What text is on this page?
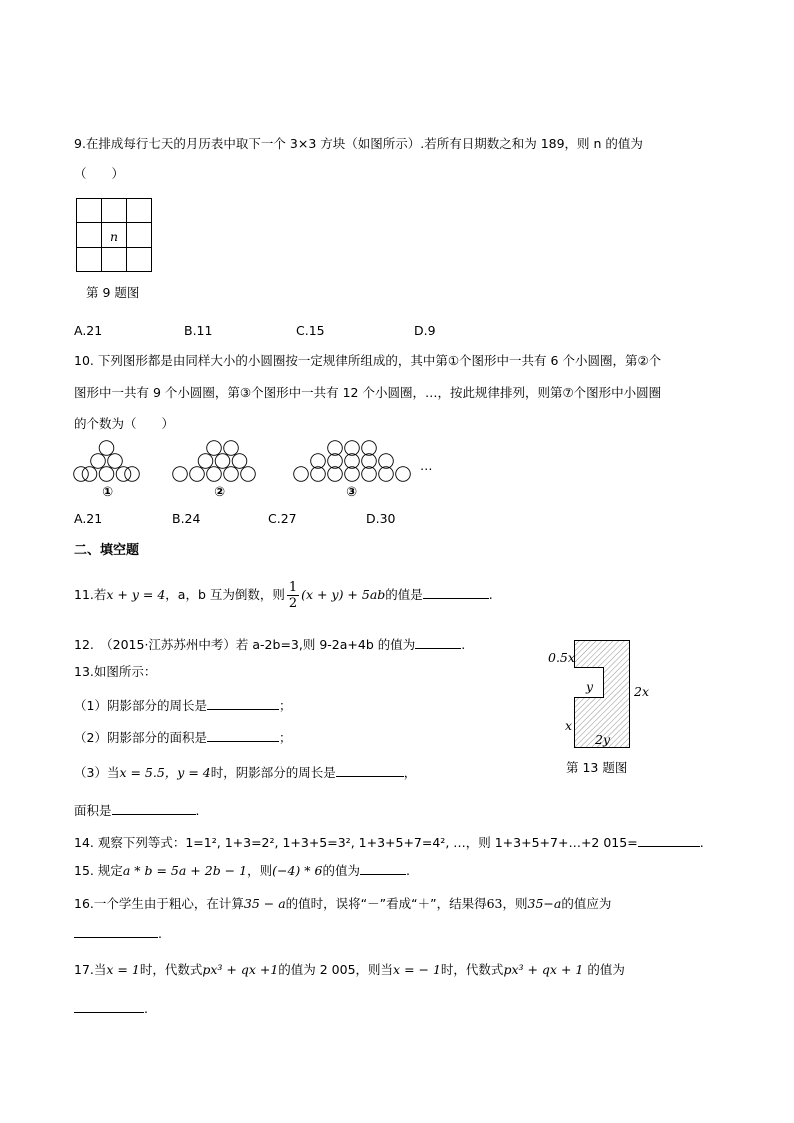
9.在排成每行七天的月历表中取下一个 3×3 方块（如图所示）.若所有日期数之和为 189，则 n 的值为
（　　）
n
第 9 题图
A.21	B.11	C.15	D.9
10. 下列图形都是由同样大小的小圆圈按一定规律所组成的，其中第①个图形中一共有 6 个小圆圈，第②个
图形中一共有 9 个小圆圈，第③个图形中一共有 12 个小圆圈，…，按此规律排列，则第⑦个图形中小圆圈
的个数为（　　）
①	②
…
③
A.21	B.24	C.27	D.30
二、填空题
11.若x + y = 4，a，b 互为倒数，则 $\frac{1}{2} (x + y) + 5ab$的值是	.
12.　（2015·江苏苏州中考）若 a-2b=3,则 9-2a+4b 的值为	.
13.如图所示：
（1）阴影部分的周长是	；
（2）阴影部分的面积是	；
（3）当x = 5.5，y = 4时，阴影部分的周长是	，
面积是	.
0.5x
y	2x
x
2y
第 13 题图
14. 观察下列等式：1=1², 1+3=2², 1+3+5=3², 1+3+5+7=4², …，则 1+3+5+7+…+2 015=	.
15. 规定a * b = 5a + 2b − 1，则(−4) * 6的值为	.
16.一个学生由于粗心，在计算35 − a的值时，误将“－”看成“＋”，结果得63，则35−a的值应为
.
17.当x = 1时，代数式px³ + qx +1的值为 2 005，则当x = − 1时，代数式px³ + qx + 1 的值为
.
